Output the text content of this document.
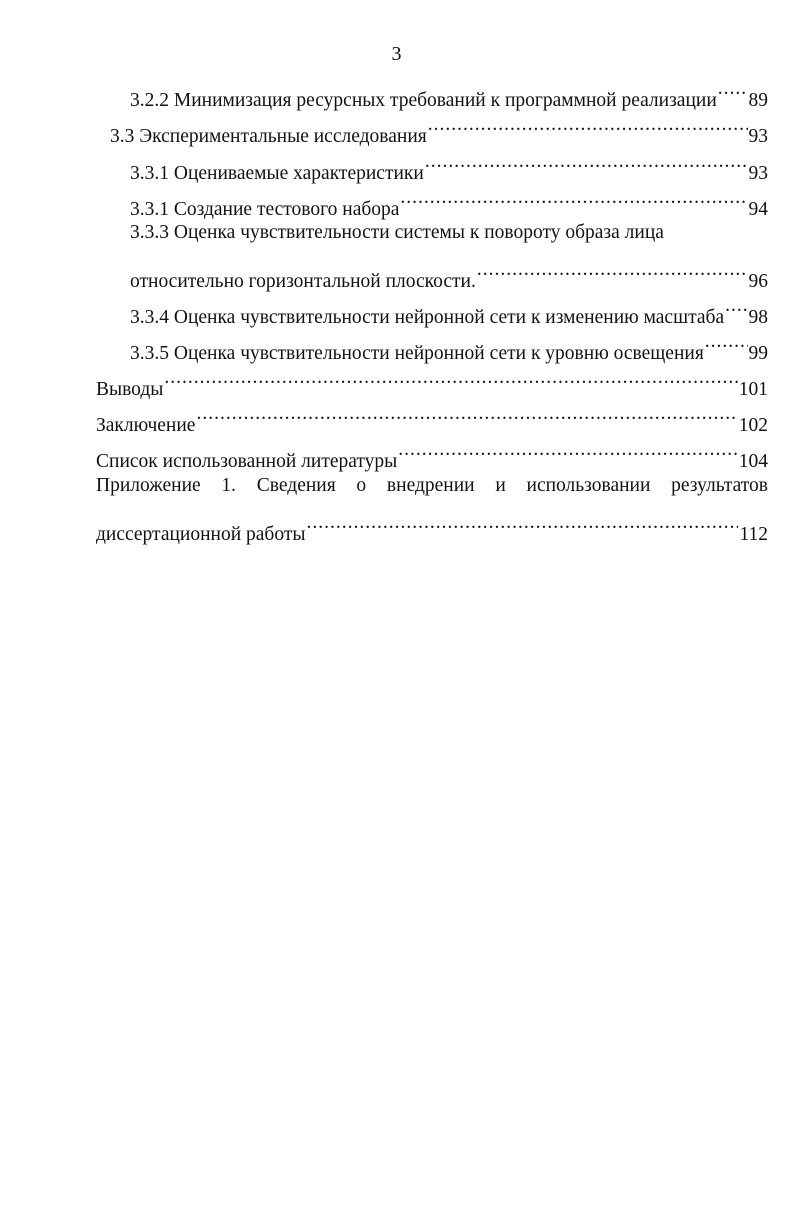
3
3.2.2 Минимизация ресурсных требований к программной реализации ..... 89
3.3 Экспериментальные исследования .....	93
3.3.1 Оцениваемые характеристики .....	93
3.3.1 Создание тестового набора .....	94
3.3.3 Оценка чувствительности системы к повороту образа лица
относительно горизонтальной плоскости. .....	96
3.3.4 Оценка чувствительности нейронной сети к изменению масштаба ..... 98
3.3.5 Оценка чувствительности нейронной сети к уровню освещения ..... 99
Выводы .....	101
Заключение .....	102
Список использованной литературы .....	104
Приложение 1. Сведения о внедрении и использовании результатов
диссертационной работы .....	112
